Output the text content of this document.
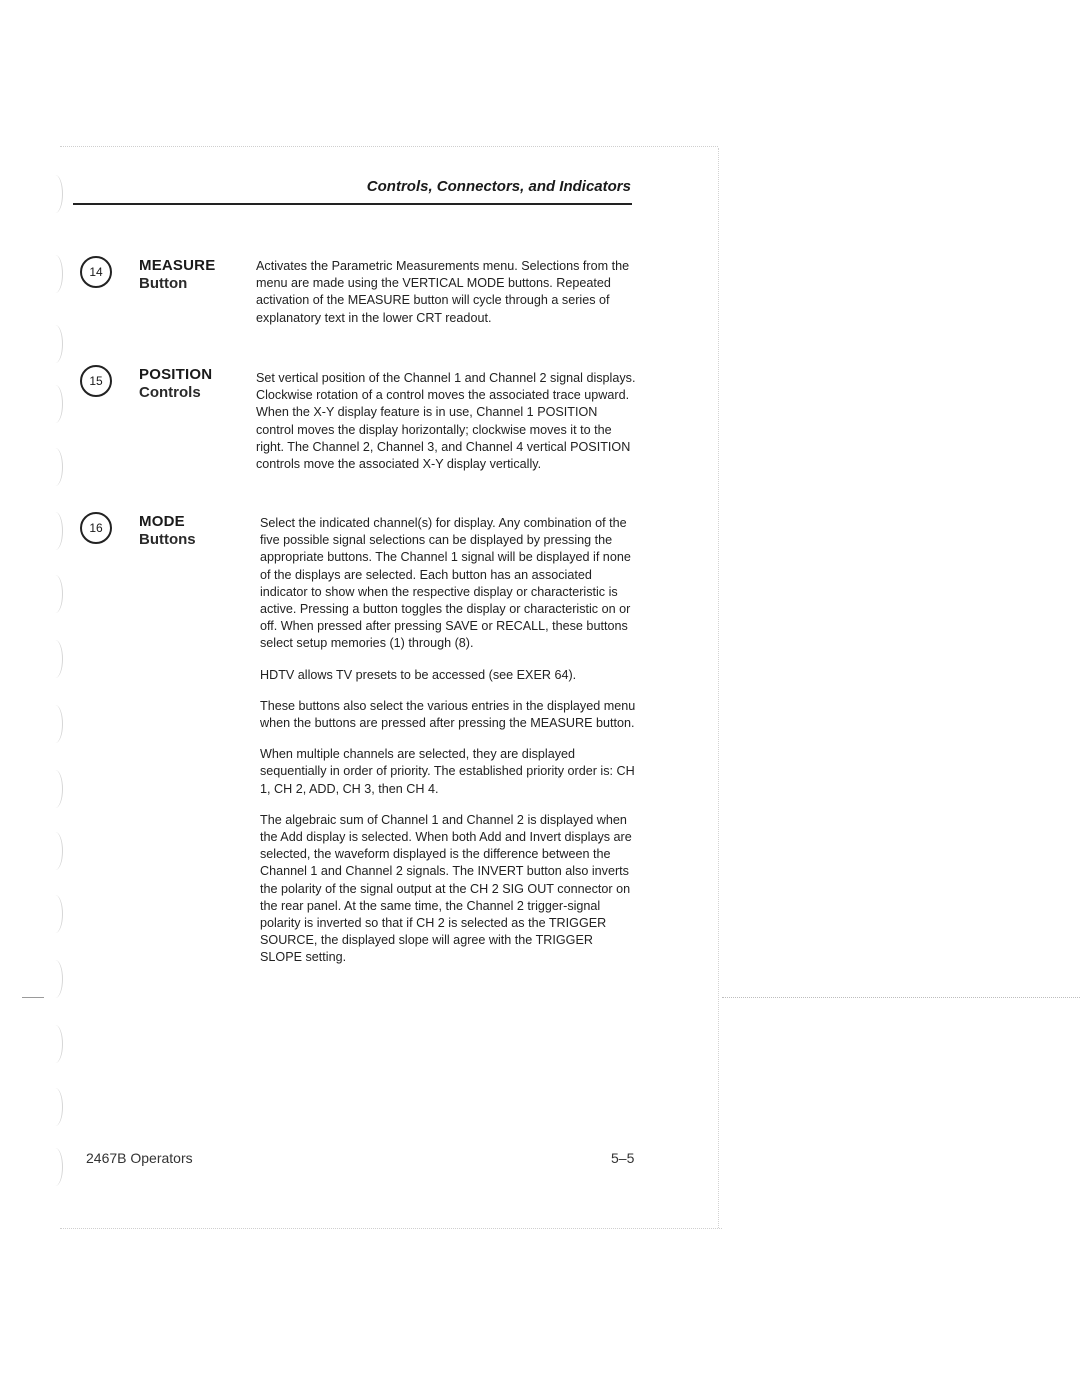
Controls, Connectors, and Indicators
14	MEASURE
Button

Activates the Parametric Measurements menu. Selections from the menu are made using the VERTICAL MODE buttons. Repeated activation of the MEASURE button will cycle through a series of explanatory text in the lower CRT readout.

15	POSITION
Controls

Set vertical position of the Channel 1 and Channel 2 signal displays. Clockwise rotation of a control moves the associated trace upward. When the X-Y display feature is in use, Channel 1 POSITION control moves the display horizontally; clockwise moves it to the right. The Channel 2, Channel 3, and Channel 4 vertical POSITION controls move the associated X-Y display vertically.

16	MODE
Buttons

Select the indicated channel(s) for display. Any combination of the five possible signal selections can be displayed by pressing the appropriate buttons. The Channel 1 signal will be displayed if none of the displays are selected. Each button has an associated indicator to show when the respective display or characteristic is active. Pressing a button toggles the display or characteristic on or off. When pressed after pressing SAVE or RECALL, these buttons select setup memories (1) through (8).

HDTV allows TV presets to be accessed (see EXER 64).

These buttons also select the various entries in the displayed menu when the buttons are pressed after pressing the MEASURE button.

When multiple channels are selected, they are displayed sequentially in order of priority. The established priority order is: CH 1, CH 2, ADD, CH 3, then CH 4.

The algebraic sum of Channel 1 and Channel 2 is displayed when the Add display is selected. When both Add and Invert displays are selected, the waveform displayed is the difference between the Channel 1 and Channel 2 signals. The INVERT button also inverts the polarity of the signal output at the CH 2 SIG OUT connector on the rear panel. At the same time, the Channel 2 trigger-signal polarity is inverted so that if CH 2 is selected as the TRIGGER SOURCE, the displayed slope will agree with the TRIGGER SLOPE setting.

2467B Operators	5–5
